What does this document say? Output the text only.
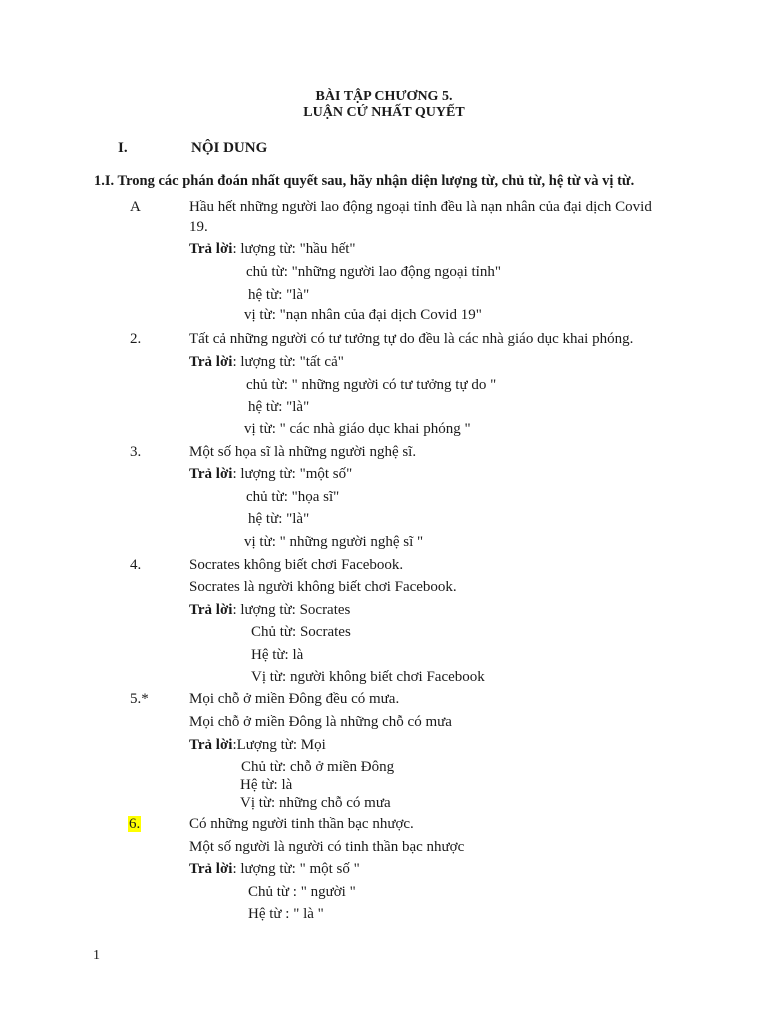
BÀI TẬP CHƯƠNG 5.
LUẬN CỨ NHẤT QUYẾT
I.	NỘI DUNG
1.I. Trong các phán đoán nhất quyết sau, hãy nhận diện lượng từ, chủ từ, hệ từ và vị từ.
A	Hầu hết những người lao động ngoại tỉnh đều là nạn nhân của đại dịch Covid
19.
Trả lời: lượng từ: "hầu hết"
chủ từ: "những người lao động ngoại tỉnh"
hệ từ: "là"
vị từ: "nạn nhân của đại dịch Covid 19"
2.	Tất cả những người có tư tưởng tự do đều là các nhà giáo dục khai phóng.
Trả lời: lượng từ: "tất cả"
chủ từ: " những người có tư tưởng tự do "
hệ từ: "là"
vị từ: " các nhà giáo dục khai phóng "
3.	Một số họa sĩ là những người nghệ sĩ.
Trả lời: lượng từ: "một số"
chủ từ: "họa sĩ"
hệ từ: "là"
vị từ: " những người nghệ sĩ "
4.	Socrates không biết chơi Facebook.
Socrates là người không biết chơi Facebook.
Trả lời: lượng từ: Socrates
Chủ từ: Socrates
Hệ từ: là
Vị từ: người không biết chơi Facebook
5.*	Mọi chỗ ở miền Đông đều có mưa.
Mọi chỗ ở miền Đông là những chỗ có mưa
Trả lời:Lượng từ: Mọi
Chủ từ: chỗ ở miền Đông
Hệ từ: là
Vị từ: những chỗ có mưa
6.	Có những người tinh thần bạc nhược.
Một số người là người có tinh thần bạc nhược
Trả lời: lượng từ: " một số "
Chủ từ : " người "
Hệ từ : " là "
1
